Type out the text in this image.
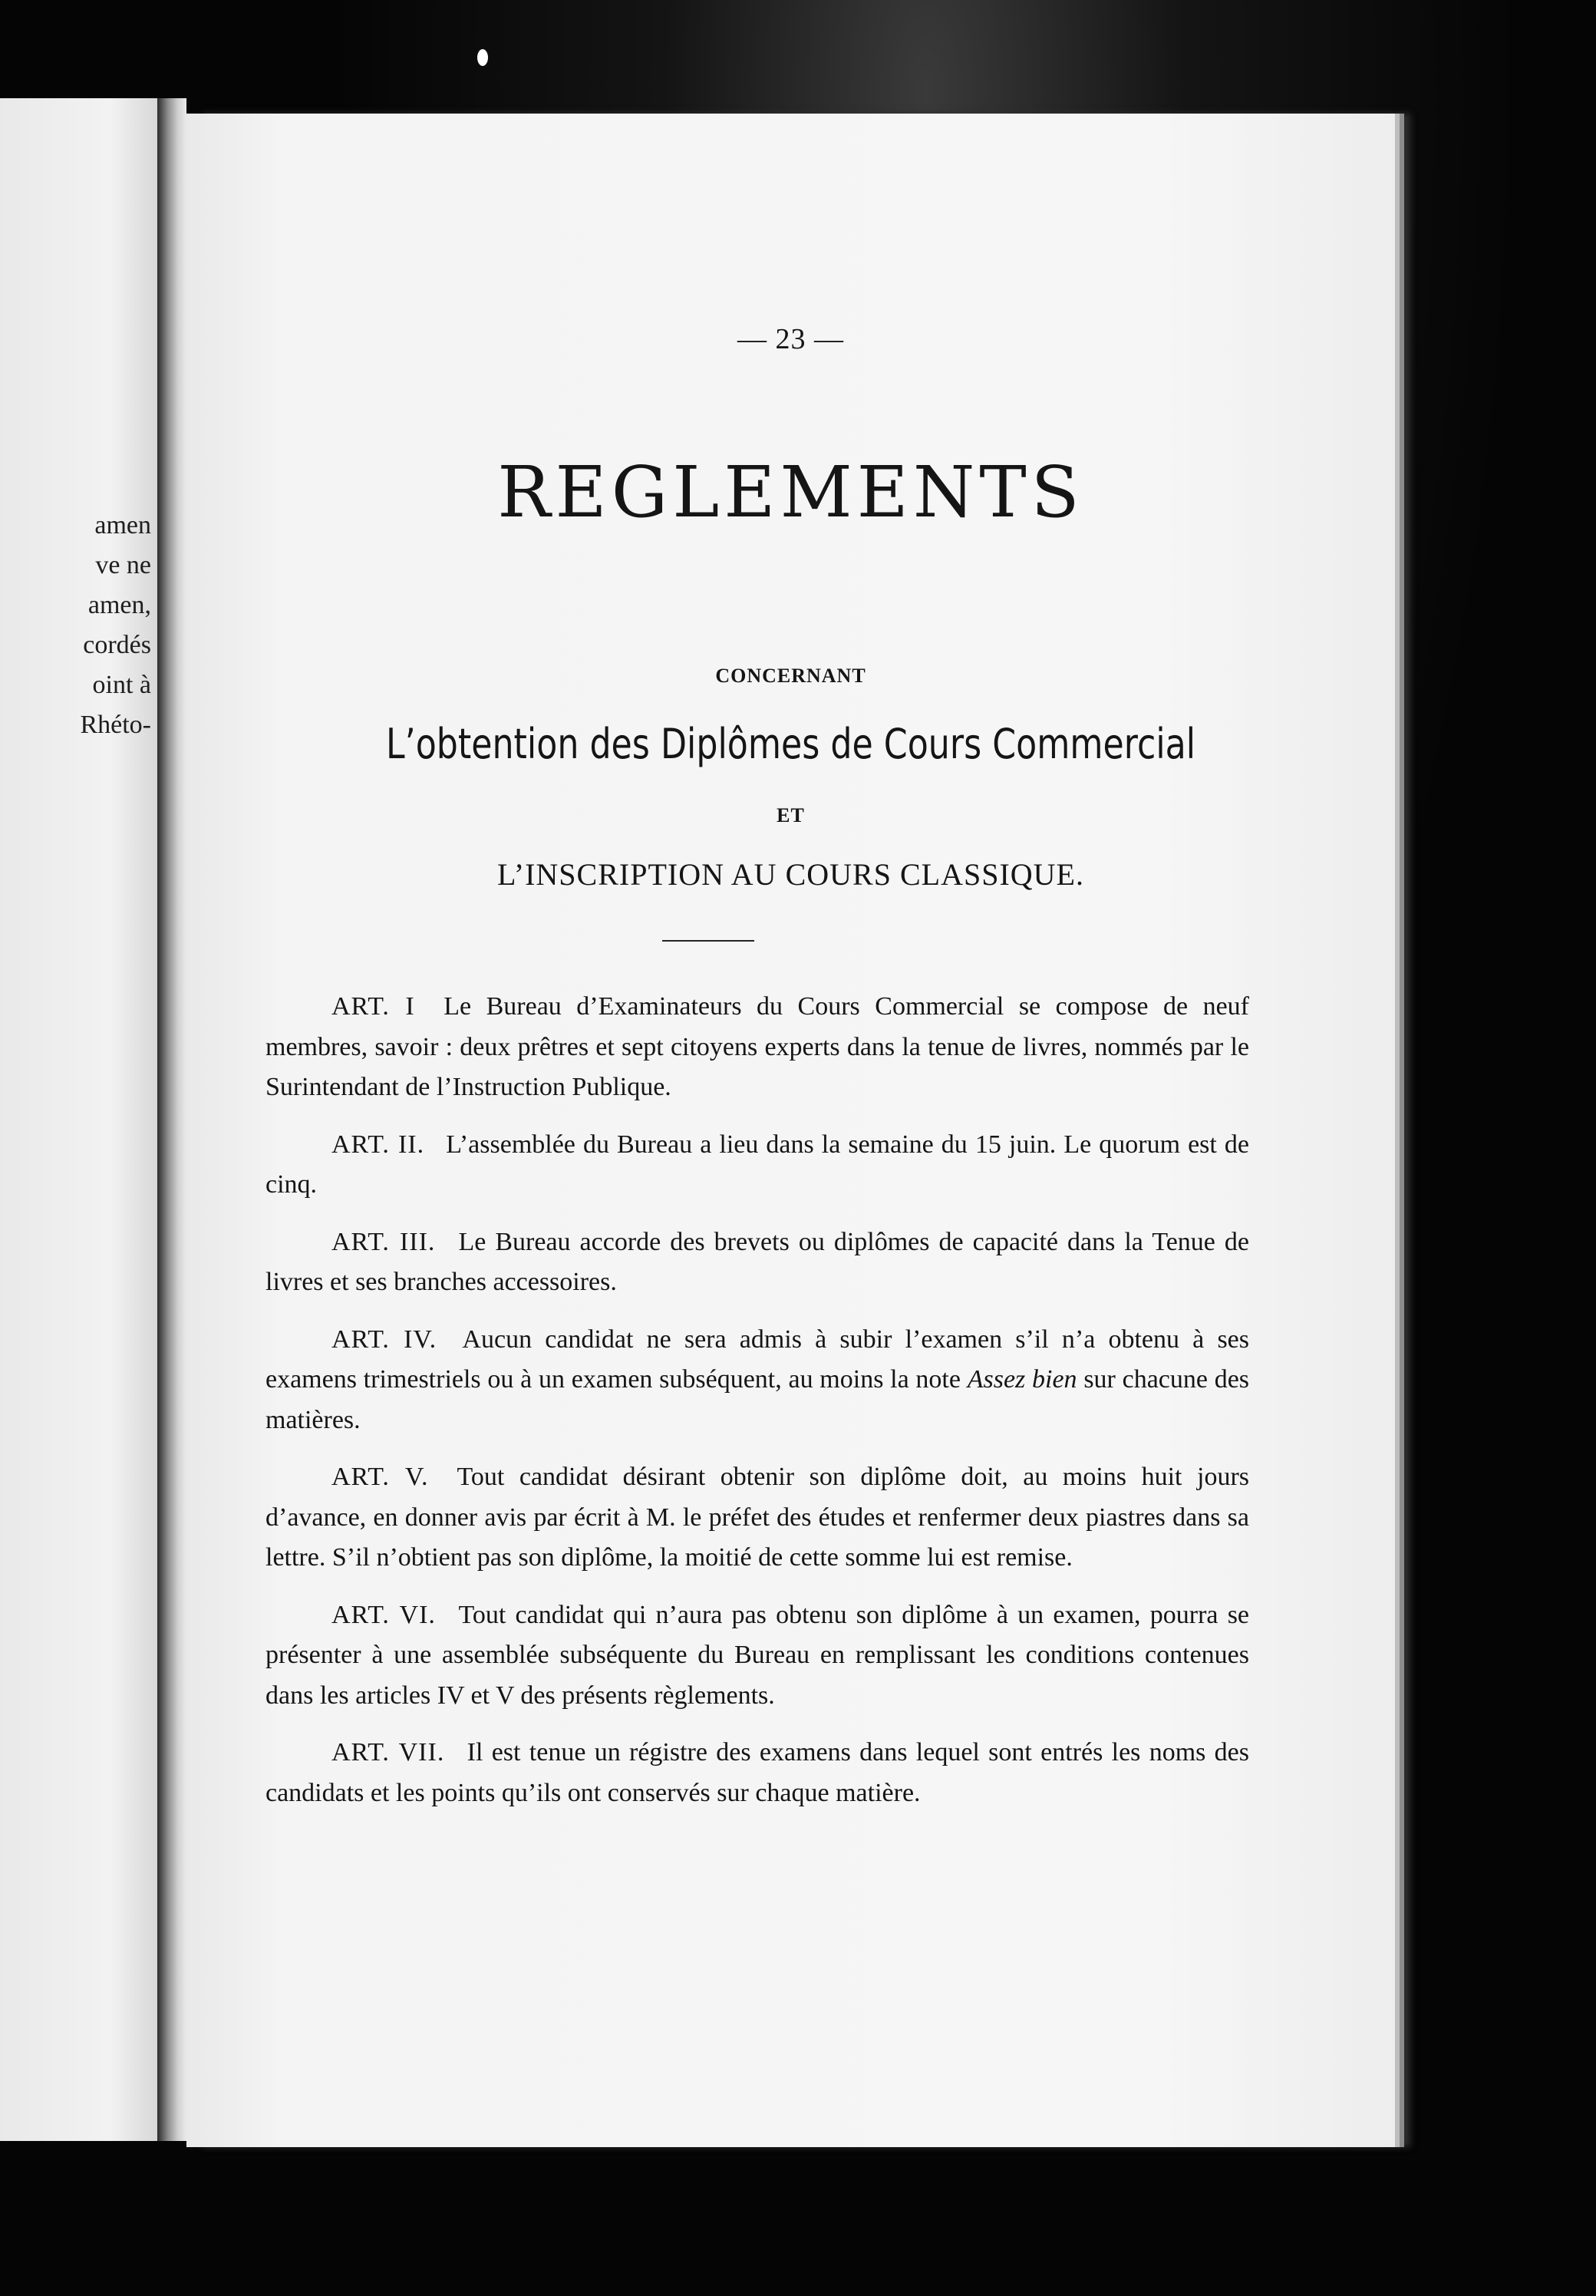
amen
ve ne
amen,
cordés
oint à
Rhéto-
— 23 —
REGLEMENTS
CONCERNANT
L’obtention des Diplômes de Cours Commercial
ET
L’INSCRIPTION AU COURS CLASSIQUE.

ART. I Le Bureau d’Examinateurs du Cours Commercial se compose de neuf membres, savoir : deux prêtres et sept citoyens experts dans la tenue de livres, nommés par le Surintendant de l’Instruction Publique.

ART. II. L’assemblée du Bureau a lieu dans la semaine du 15 juin. Le quorum est de cinq.

ART. III. Le Bureau accorde des brevets ou diplômes de capacité dans la Tenue de livres et ses branches accessoires.

ART. IV. Aucun candidat ne sera admis à subir l’examen s’il n’a obtenu à ses examens trimestriels ou à un examen subséquent, au moins la note Assez bien sur chacune des matières.

ART. V. Tout candidat désirant obtenir son diplôme doit, au moins huit jours d’avance, en donner avis par écrit à M. le préfet des études et renfermer deux piastres dans sa lettre. S’il n’obtient pas son diplôme, la moitié de cette somme lui est remise.

ART. VI. Tout candidat qui n’aura pas obtenu son diplôme à un examen, pourra se présenter à une assemblée subséquente du Bureau en remplissant les conditions contenues dans les articles IV et V des présents règlements.

ART. VII. Il est tenue un régistre des examens dans lequel sont entrés les noms des candidats et les points qu’ils ont conservés sur chaque matière.
